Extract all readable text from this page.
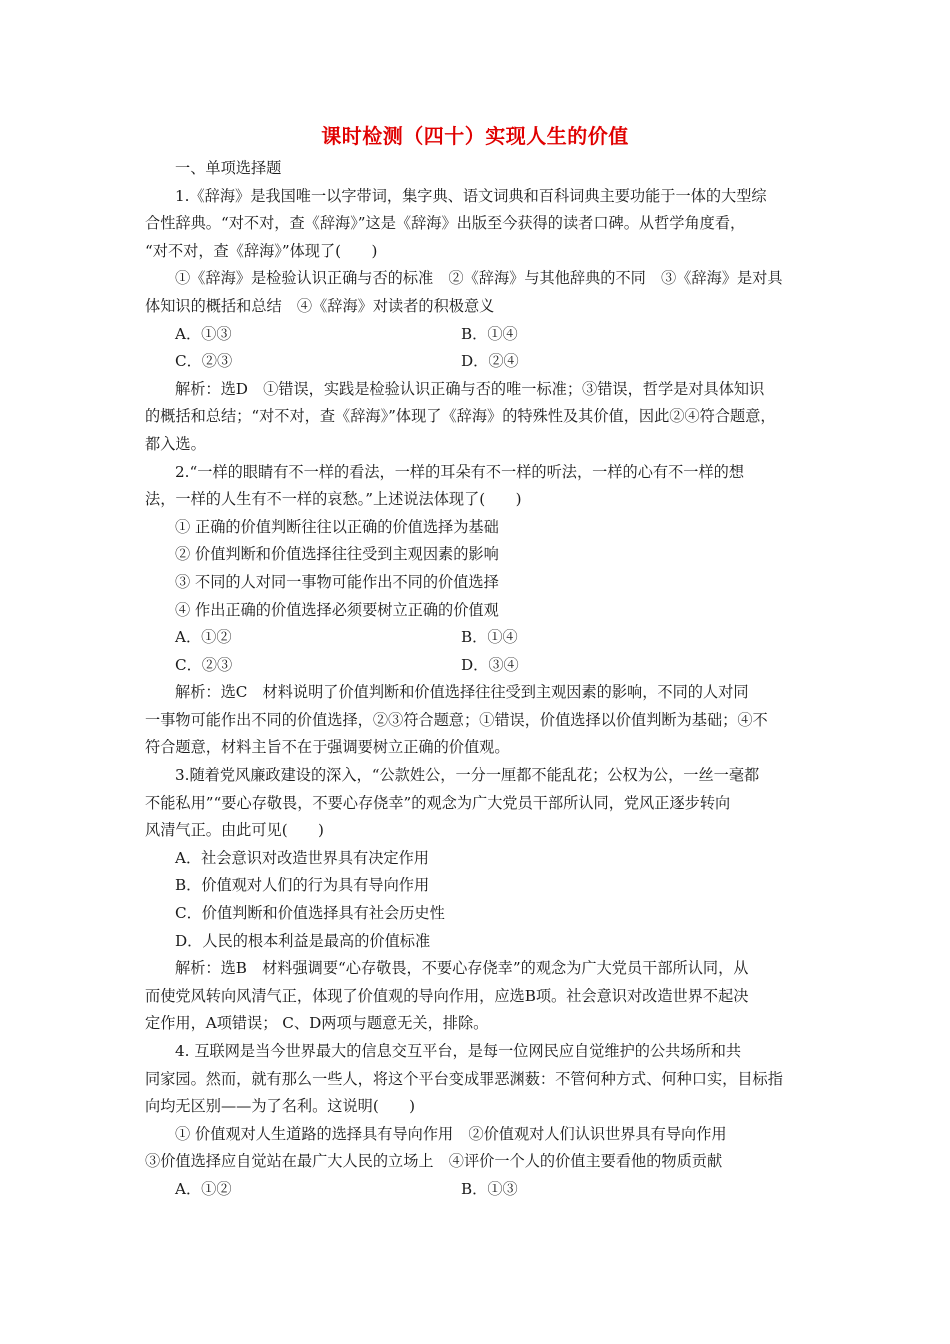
课时检测（四十）实现人生的价值
一、单项选择题
1.《辞海》是我国唯一以字带词，集字典、语文词典和百科词典主要功能于一体的大型综
合性辞典。“对不对，查《辞海》”这是《辞海》出版至今获得的读者口碑。从哲学角度看，
“对不对，查《辞海》”体现了(　　)
①《辞海》是检验认识正确与否的标准　②《辞海》与其他辞典的不同　③《辞海》是对具
体知识的概括和总结　④《辞海》对读者的积极意义
A．①③	B．①④
C．②③	D．②④
解析：选D　①错误，实践是检验认识正确与否的唯一标准；③错误，哲学是对具体知识
的概括和总结；“对不对，查《辞海》”体现了《辞海》的特殊性及其价值，因此②④符合题意，
都入选。
2.“一样的眼睛有不一样的看法，一样的耳朵有不一样的听法，一样的心有不一样的想
法，一样的人生有不一样的哀愁。”上述说法体现了(　　)
① 正确的价值判断往往以正确的价值选择为基础
② 价值判断和价值选择往往受到主观因素的影响
③ 不同的人对同一事物可能作出不同的价值选择
④ 作出正确的价值选择必须要树立正确的价值观
A．①②	B．①④
C．②③	D．③④
解析：选C　材料说明了价值判断和价值选择往往受到主观因素的影响，不同的人对同
一事物可能作出不同的价值选择，②③符合题意；①错误，价值选择以价值判断为基础；④不
符合题意，材料主旨不在于强调要树立正确的价值观。
3.随着党风廉政建设的深入，“公款姓公，一分一厘都不能乱花；公权为公，一丝一毫都
不能私用”“要心存敬畏，不要心存侥幸”的观念为广大党员干部所认同，党风正逐步转向
风清气正。由此可见(　　)
A．社会意识对改造世界具有决定作用
B．价值观对人们的行为具有导向作用
C．价值判断和价值选择具有社会历史性
D．人民的根本利益是最高的价值标准
解析：选B　材料强调要“心存敬畏，不要心存侥幸”的观念为广大党员干部所认同，从
而使党风转向风清气正，体现了价值观的导向作用，应选B项。社会意识对改造世界不起决
定作用，A项错误； C、D两项与题意无关，排除。
4. 互联网是当今世界最大的信息交互平台，是每一位网民应自觉维护的公共场所和共
同家园。然而，就有那么一些人，将这个平台变成罪恶渊薮：不管何种方式、何种口实，目标指
向均无区别——为了名利。这说明(　　)
① 价值观对人生道路的选择具有导向作用　②价值观对人们认识世界具有导向作用
③价值选择应自觉站在最广大人民的立场上　④评价一个人的价值主要看他的物质贡献
A．①②	B．①③
